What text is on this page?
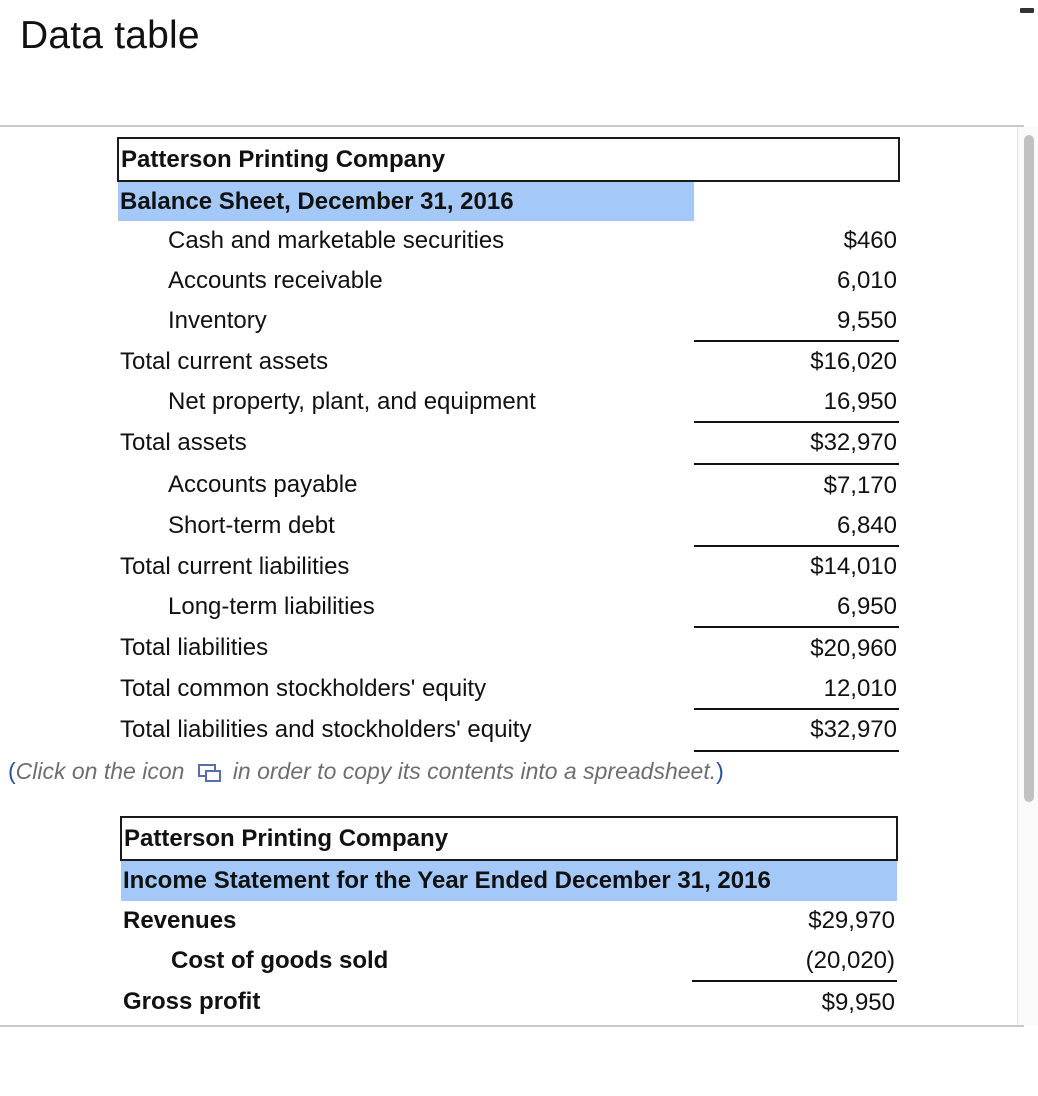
Data table
Patterson Printing Company	
Balance Sheet, December 31, 2016	
Cash and marketable securities	$460
Accounts receivable	6,010
Inventory	9,550
Total current assets	$16,020
Net property, plant, and equipment	16,950
Total assets	$32,970
Accounts payable	$7,170
Short-term debt	6,840
Total current liabilities	$14,010
Long-term liabilities	6,950
Total liabilities	$20,960
Total common stockholders' equity	12,010
Total liabilities and stockholders' equity	$32,970
(Click on the icon in order to copy its contents into a spreadsheet.)
Patterson Printing Company	
Income Statement for the Year Ended December 31, 2016	
Revenues	$29,970
Cost of goods sold	(20,020)
Gross profit	$9,950
